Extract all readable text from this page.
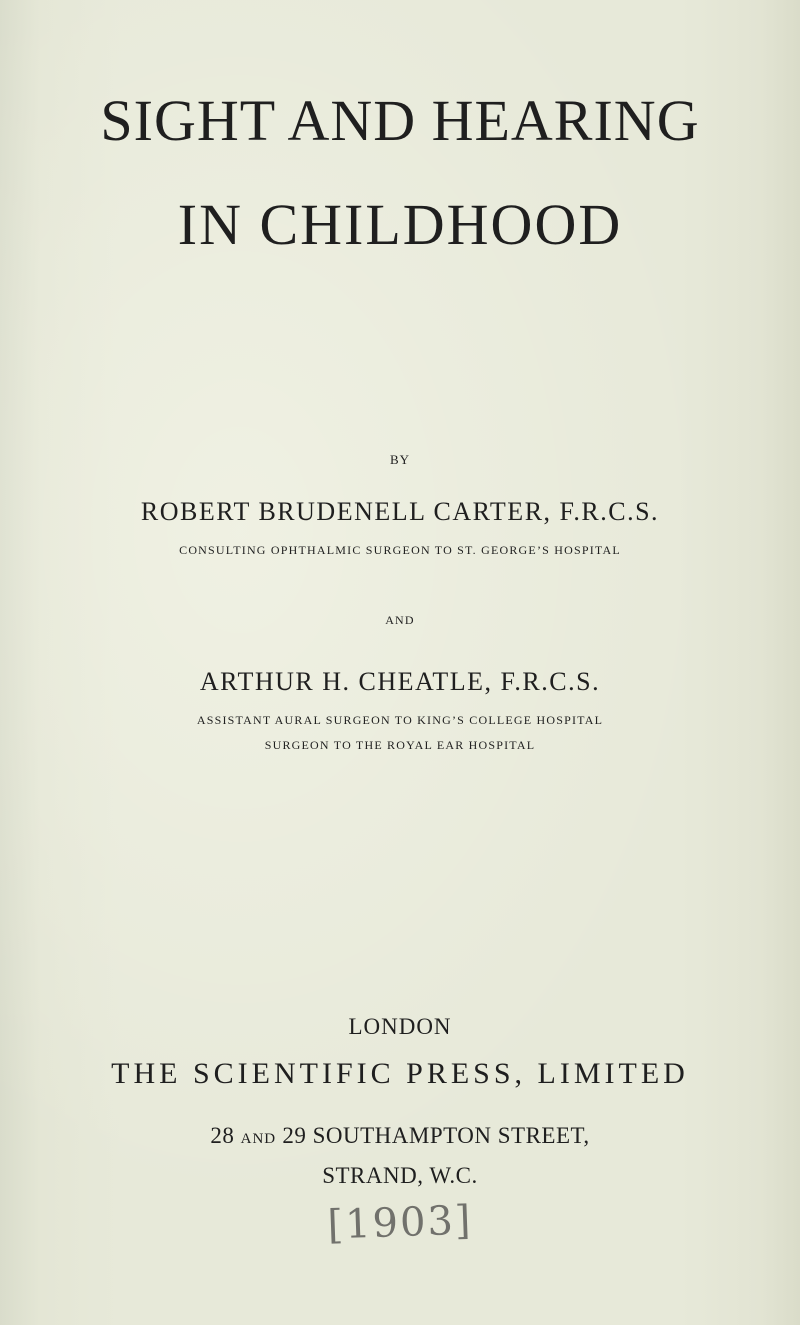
SIGHT AND HEARING
IN CHILDHOOD
BY
ROBERT BRUDENELL CARTER, F.R.C.S.
CONSULTING OPHTHALMIC SURGEON TO ST. GEORGE’S HOSPITAL
AND
ARTHUR H. CHEATLE, F.R.C.S.
ASSISTANT AURAL SURGEON TO KING’S COLLEGE HOSPITAL
SURGEON TO THE ROYAL EAR HOSPITAL
LONDON
THE SCIENTIFIC PRESS, LIMITED
28 AND 29 SOUTHAMPTON STREET,
STRAND, W.C.
[1903]
